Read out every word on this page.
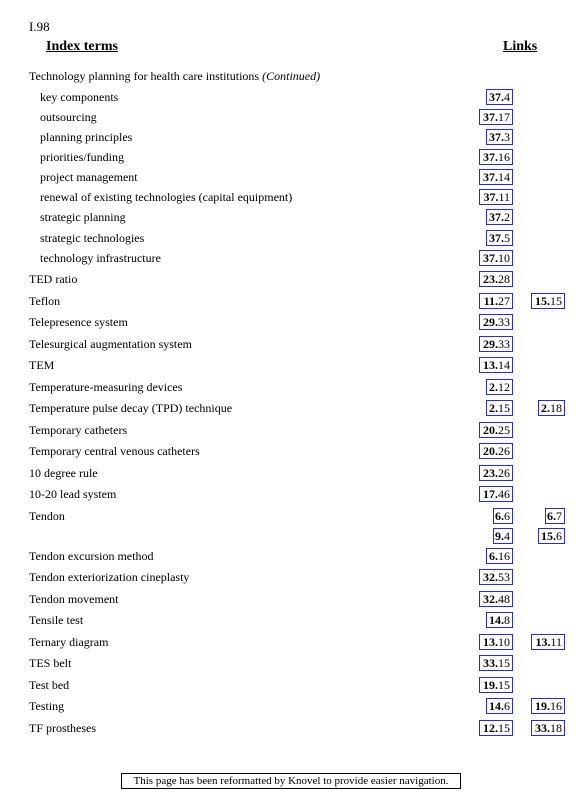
I.98
Index terms	Links
Technology planning for health care institutions (Continued)
key components	37.4
outsourcing	37.17
planning principles	37.3
priorities/funding	37.16
project management	37.14
renewal of existing technologies (capital equipment)	37.11
strategic planning	37.2
strategic technologies	37.5
technology infrastructure	37.10
TED ratio	23.28
Teflon	11.27	15.15
Telepresence system	29.33
Telesurgical augmentation system	29.33
TEM	13.14
Temperature-measuring devices	2.12
Temperature pulse decay (TPD) technique	2.15	2.18
Temporary catheters	20.25
Temporary central venous catheters	20.26
10 degree rule	23.26
10-20 lead system	17.46
Tendon	6.6	6.7
9.4	15.6
Tendon excursion method	6.16
Tendon exteriorization cineplasty	32.53
Tendon movement	32.48
Tensile test	14.8
Ternary diagram	13.10	13.11
TES belt	33.15
Test bed	19.15
Testing	14.6	19.16
TF prostheses	12.15	33.18
This page has been reformatted by Knovel to provide easier navigation.
